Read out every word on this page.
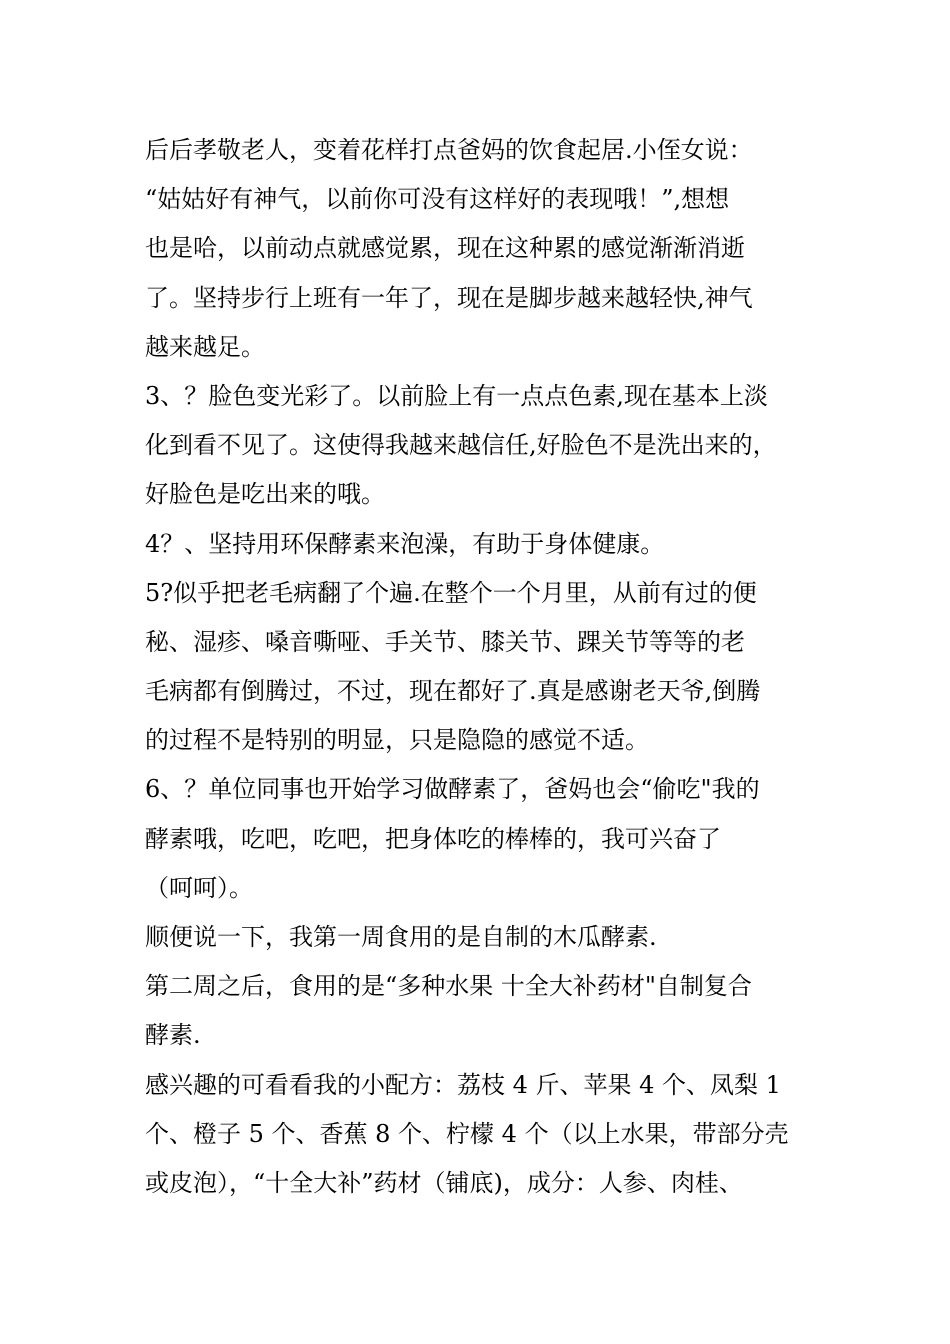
后后孝敬老人，变着花样打点爸妈的饮食起居.小侄女说：
“姑姑好有神气，以前你可没有这样好的表现哦！”,想想
也是哈，以前动点就感觉累，现在这种累的感觉渐渐消逝
了。坚持步行上班有一年了，现在是脚步越来越轻快,神气
越来越足。
3、？脸色变光彩了。以前脸上有一点点色素,现在基本上淡
化到看不见了。这使得我越来越信任,好脸色不是洗出来的，
好脸色是吃出来的哦。
4？、坚持用环保酵素来泡澡，有助于身体健康。
5?似乎把老毛病翻了个遍.在整个一个月里，从前有过的便
秘、湿疹、嗓音嘶哑、手关节、膝关节、踝关节等等的老
毛病都有倒腾过，不过，现在都好了.真是感谢老天爷,倒腾
的过程不是特别的明显，只是隐隐的感觉不适。
6、？单位同事也开始学习做酵素了，爸妈也会“偷吃"我的
酵素哦，吃吧，吃吧，把身体吃的棒棒的，我可兴奋了
（呵呵）。
顺便说一下，我第一周食用的是自制的木瓜酵素.
第二周之后，食用的是“多种水果 十全大补药材"自制复合
酵素.
感兴趣的可看看我的小配方：荔枝 4 斤、苹果 4 个、凤梨 1
个、橙子 5 个、香蕉 8 个、柠檬 4 个（以上水果，带部分壳
或皮泡），“十全大补”药材（铺底)，成分：人参、肉桂、
